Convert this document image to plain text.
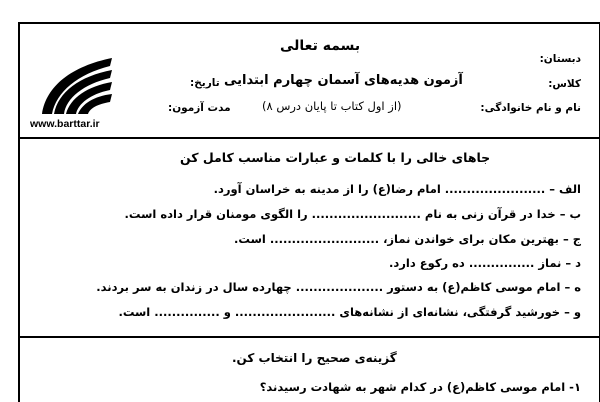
www.barttar.ir
بسمه تعالی
آزمون هدیه‌های آسمان چهارم ابتدایی
(از اول کتاب تا پایان درس ۸)
دبستان:
کلاس:
نام و نام خانوادگی:
تاریخ:
مدت آزمون:
جاهای خالی را با کلمات و عبارات مناسب کامل کن
الف – ....................... امام رضا(ع) را از مدینه به خراسان آورد.
ب – خدا در قرآن زنی به نام ......................... را الگوی مومنان قرار داده است.
ج – بهترین مکان برای خواندن نماز، ......................... است.
د – نماز ............... ده رکوع دارد.
ه – امام موسی کاظم(ع) به دستور .................... چهارده سال در زندان به سر بردند.
و – خورشید گرفتگی، نشانه‌ای از نشانه‌های ....................... و ............... است.
گزینه‌ی صحیح را انتخاب کن.
۱- امام موسی کاظم(ع) در کدام شهر به شهادت رسیدند؟
